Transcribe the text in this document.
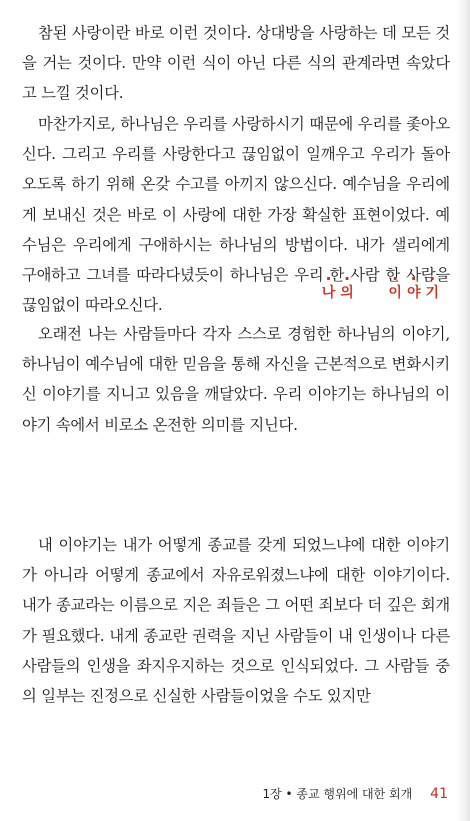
참된 사랑이란 바로 이런 것이다. 상대방을 사랑하는 데 모든 것을 거는 것이다. 만약 이런 식이 아닌 다른 식의 관계라면 속았다고 느낄 것이다.

마찬가지로, 하나님은 우리를 사랑하시기 때문에 우리를 좇아오신다. 그리고 우리를 사랑한다고 끊임없이 일깨우고 우리가 돌아오도록 하기 위해 온갖 수고를 아끼지 않으신다. 예수님을 우리에게 보내신 것은 바로 이 사랑에 대한 가장 확실한 표현이었다. 예수님은 우리에게 구애하시는 하나님의 방법이다. 내가 샐리에게 구애하고 그녀를 따라다녔듯이 하나님은 우리 한 사람 한 사람을 끊임없이 따라오신다.

나의 이야기

오래전 나는 사람들마다 각자 스스로 경험한 하나님의 이야기, 하나님이 예수님에 대한 믿음을 통해 자신을 근본적으로 변화시키신 이야기를 지니고 있음을 깨달았다. 우리 이야기는 하나님의 이야기 속에서 비로소 온전한 의미를 지닌다.

내 이야기는 내가 어떻게 종교를 갖게 되었느냐에 대한 이야기가 아니라 어떻게 종교에서 자유로워졌느냐에 대한 이야기이다. 내가 종교라는 이름으로 지은 죄들은 그 어떤 죄보다 더 깊은 회개가 필요했다. 내게 종교란 권력을 지닌 사람들이 내 인생이나 다른 사람들의 인생을 좌지우지하는 것으로 인식되었다. 그 사람들 중의 일부는 진정으로 신실한 사람들이었을 수도 있지만

1장 • 종교 행위에 대한 회개 41
